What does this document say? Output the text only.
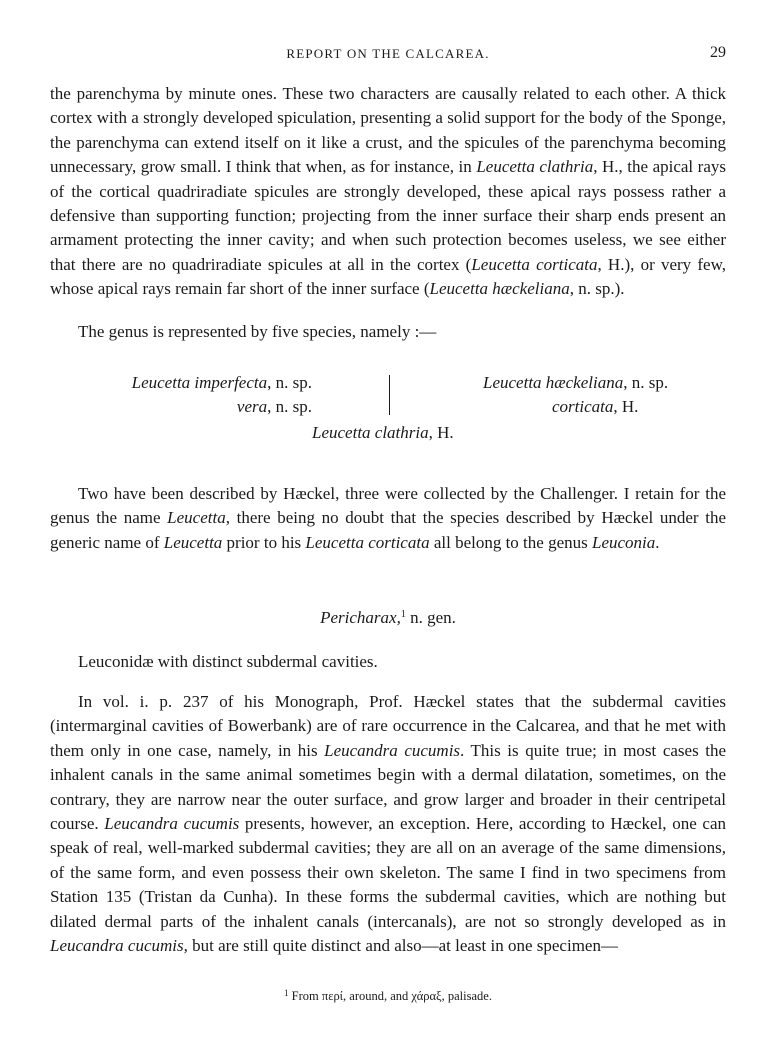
REPORT ON THE CALCAREA.	29

the parenchyma by minute ones. These two characters are causally related to each other. A thick cortex with a strongly developed spiculation, presenting a solid support for the body of the Sponge, the parenchyma can extend itself on it like a crust, and the spicules of the parenchyma becoming unnecessary, grow small. I think that when, as for instance, in Leucetta clathria, H., the apical rays of the cortical quadriradiate spicules are strongly developed, these apical rays possess rather a defensive than supporting function; projecting from the inner surface their sharp ends present an armament protecting the inner cavity; and when such protection becomes useless, we see either that there are no quadriradiate spicules at all in the cortex (Leucetta corticata, H.), or very few, whose apical rays remain far short of the inner surface (Leucetta hæckeliana, n. sp.).

The genus is represented by five species, namely :—

Leucetta imperfecta, n. sp.
vera, n. sp.
Leucetta hæckeliana, n. sp.
corticata, H.
Leucetta clathria, H.

Two have been described by Hæckel, three were collected by the Challenger. I retain for the genus the name Leucetta, there being no doubt that the species described by Hæckel under the generic name of Leucetta prior to his Leucetta corticata all belong to the genus Leuconia.

Pericharax,$^1$ n. gen.

Leuconidæ with distinct subdermal cavities.

In vol. i. p. 237 of his Monograph, Prof. Hæckel states that the subdermal cavities (intermarginal cavities of Bowerbank) are of rare occurrence in the Calcarea, and that he met with them only in one case, namely, in his Leucandra cucumis. This is quite true; in most cases the inhalent canals in the same animal sometimes begin with a dermal dilatation, sometimes, on the contrary, they are narrow near the outer surface, and grow larger and broader in their centripetal course. Leucandra cucumis presents, however, an exception. Here, according to Hæckel, one can speak of real, well-marked subdermal cavities; they are all on an average of the same dimensions, of the same form, and even possess their own skeleton. The same I find in two specimens from Station 135 (Tristan da Cunha). In these forms the subdermal cavities, which are nothing but dilated dermal parts of the inhalent canals (intercanals), are not so strongly developed as in Leucandra cucumis, but are still quite distinct and also—at least in one specimen—

$^1$ From περί, around, and χάραξ, palisade.
